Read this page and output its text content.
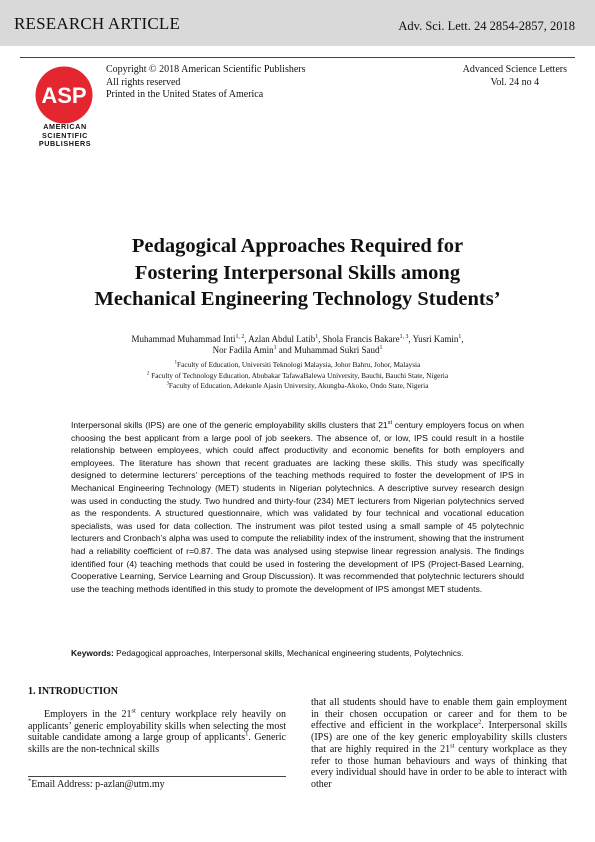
RESEARCH ARTICLE	Adv. Sci. Lett. 24 2854-2857, 2018
ASP
AMERICAN
SCIENTIFIC
PUBLISHERS
Copyright © 2018 American Scientific Publishers
All rights reserved
Printed in the United States of America
Advanced Science Letters
Vol. 24 no 4
Pedagogical Approaches Required for
Fostering Interpersonal Skills among
Mechanical Engineering Technology Students’
Muhammad Muhammad Inti$^{1, 2}$, Azlan Abdul Latib$^1$, Shola Francis Bakare$^{1, 3}$, Yusri Kamin$^1$,
Nor Fadila Amin$^1$ and Muhammad Sukri Saud$^1$
$^1$Faculty of Education, Universiti Teknologi Malaysia, Johor Bahru, Johor, Malaysia
$^2$ Faculty of Technology Education, Abubakar TafawaBalewa University, Bauchi, Bauchi State, Nigeria
$^3$Faculty of Education, Adekunle Ajasin University, Akungba-Akoko, Ondo State, Nigeria
Interpersonal skills (IPS) are one of the generic employability skills clusters that 21st century employers focus on when choosing the best applicant from a large pool of job seekers. The absence of, or low, IPS could result in a hostile relationship between employees, which could affect productivity and economic benefits for both employers and employees. The literature has shown that recent graduates are lacking these skills. This study was specifically designed to determine lecturers’ perceptions of the teaching methods required to foster the development of IPS in Mechanical Engineering Technology (MET) students in Nigerian polytechnics. A descriptive survey research design was used in conducting the study. Two hundred and thirty-four (234) MET lecturers from Nigerian polytechnics served as the respondents. A structured questionnaire, which was validated by four technical and vocational education specialists, was used for data collection. The instrument was pilot tested using a small sample of 45 polytechnic lecturers and Cronbach’s alpha was used to compute the reliability index of the instrument, showing that the instrument had a reliability coefficient of r=0.87. The data was analysed using stepwise linear regression analysis. The findings identified four (4) teaching methods that could be used in fostering the development of IPS (Project-Based Learning, Cooperative Learning, Service Learning and Group Discussion). It was recommended that polytechnic lecturers should use the teaching methods identified in this study to promote the development of IPS amongst MET students.
Keywords: Pedagogical approaches, Interpersonal skills, Mechanical engineering students, Polytechnics.
1. INTRODUCTION
Employers in the 21st century workplace rely heavily on applicants’ generic employability skills when selecting the most suitable candidate among a large group of applicants$^1$. Generic skills are the non-technical skills
*Email Address: p-azlan@utm.my
that all students should have to enable them gain employment in their chosen occupation or career and for them to be effective and efficient in the workplace$^2$. Interpersonal skills (IPS) are one of the key generic employability skills clusters that are highly required in the 21st century workplace as they refer to those human behaviours and ways of thinking that every individual should have in order to be able to interact with other
